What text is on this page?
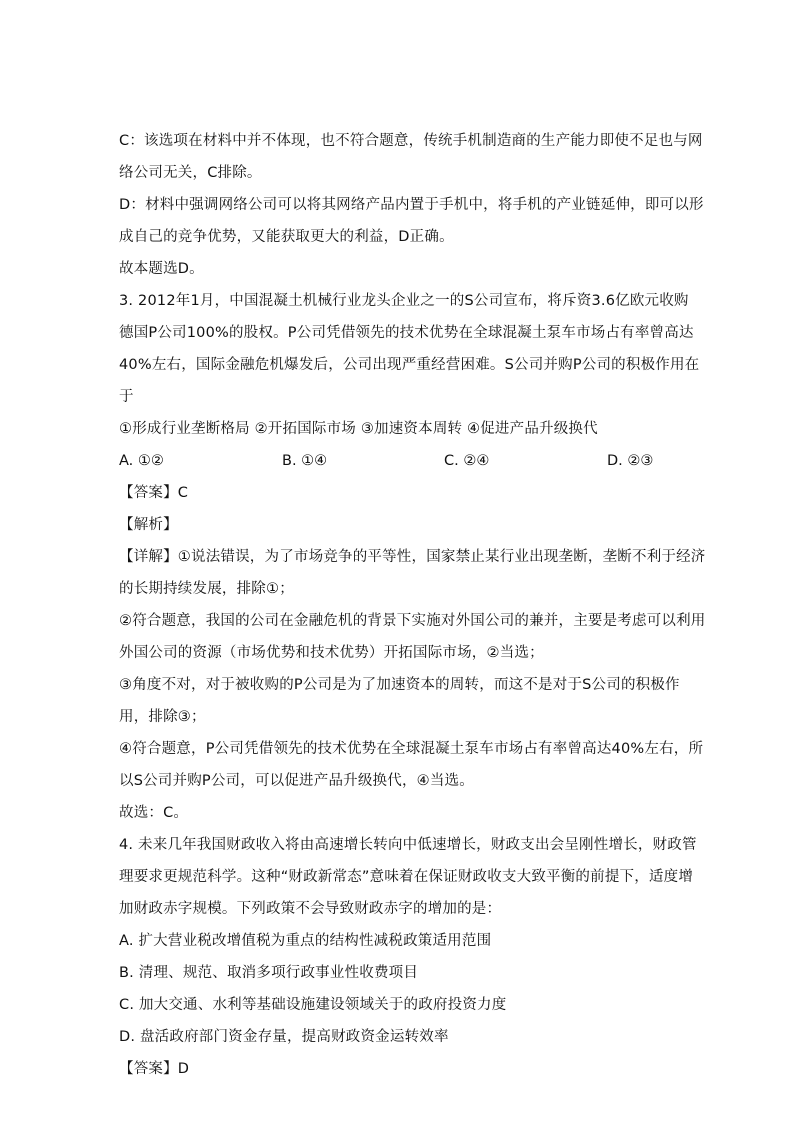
C：该选项在材料中并不体现，也不符合题意，传统手机制造商的生产能力即使不足也与网
络公司无关，C排除。
D：材料中强调网络公司可以将其网络产品内置于手机中，将手机的产业链延伸，即可以形
成自己的竞争优势，又能获取更大的利益，D正确。
故本题选D。
3. 2012年1月，中国混凝土机械行业龙头企业之一的S公司宣布，将斥资3.6亿欧元收购
德国P公司100%的股权。P公司凭借领先的技术优势在全球混凝土泵车市场占有率曾高达
40%左右，国际金融危机爆发后，公司出现严重经营困难。S公司并购P公司的积极作用在
于
①形成行业垄断格局 ②开拓国际市场 ③加速资本周转 ④促进产品升级换代
A. ①②	B. ①④	C. ②④	D. ②③
【答案】C
【解析】
【详解】①说法错误，为了市场竞争的平等性，国家禁止某行业出现垄断，垄断不利于经济
的长期持续发展，排除①；
②符合题意，我国的公司在金融危机的背景下实施对外国公司的兼并，主要是考虑可以利用
外国公司的资源（市场优势和技术优势）开拓国际市场，②当选；
③角度不对，对于被收购的P公司是为了加速资本的周转，而这不是对于S公司的积极作
用，排除③；
④符合题意，P公司凭借领先的技术优势在全球混凝土泵车市场占有率曾高达40%左右，所
以S公司并购P公司，可以促进产品升级换代，④当选。
故选：C。
4. 未来几年我国财政收入将由高速增长转向中低速增长，财政支出会呈刚性增长，财政管
理要求更规范科学。这种“财政新常态”意味着在保证财政收支大致平衡的前提下，适度增
加财政赤字规模。下列政策不会导致财政赤字的增加的是：
A. 扩大营业税改增值税为重点的结构性减税政策适用范围
B. 清理、规范、取消多项行政事业性收费项目
C. 加大交通、水利等基础设施建设领域关于的政府投资力度
D. 盘活政府部门资金存量，提高财政资金运转效率
【答案】D
